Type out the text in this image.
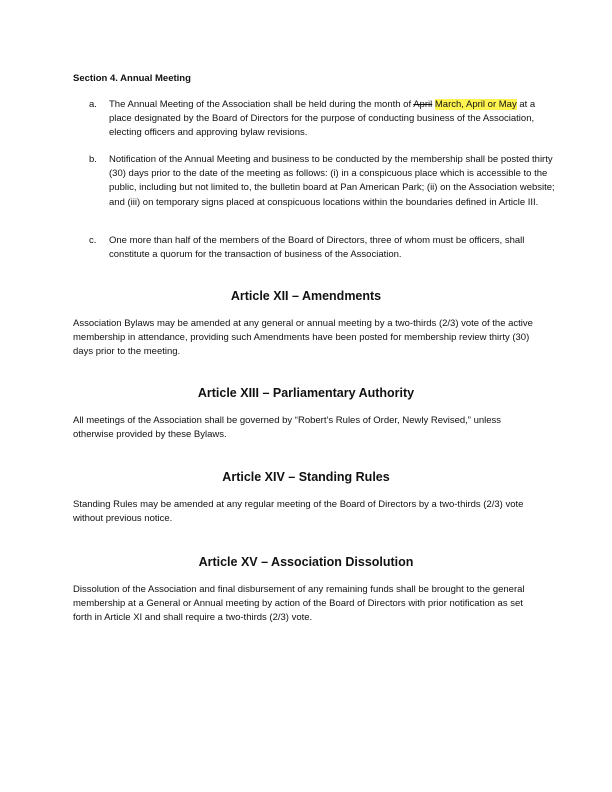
Section 4. Annual Meeting
a.	The Annual Meeting of the Association shall be held during the month of April March, April or May at a place designated by the Board of Directors for the purpose of conducting business of the Association, electing officers and approving bylaw revisions.
b.	Notification of the Annual Meeting and business to be conducted by the membership shall be posted thirty (30) days prior to the date of the meeting as follows: (i) in a conspicuous place which is accessible to the public, including but not limited to, the bulletin board at Pan American Park; (ii) on the Association website; and (iii) on temporary signs placed at conspicuous locations within the boundaries defined in Article III.
c.	One more than half of the members of the Board of Directors, three of whom must be officers, shall constitute a quorum for the transaction of business of the Association.
Article XII – Amendments
Association Bylaws may be amended at any general or annual meeting by a two-thirds (2/3) vote of the active membership in attendance, providing such Amendments have been posted for membership review thirty (30) days prior to the meeting.
Article XIII – Parliamentary Authority
All meetings of the Association shall be governed by “Robert’s Rules of Order, Newly Revised,” unless otherwise provided by these Bylaws.
Article XIV – Standing Rules
Standing Rules may be amended at any regular meeting of the Board of Directors by a two-thirds (2/3) vote without previous notice.
Article XV – Association Dissolution
Dissolution of the Association and final disbursement of any remaining funds shall be brought to the general membership at a General or Annual meeting by action of the Board of Directors with prior notification as set forth in Article XI and shall require a two-thirds (2/3) vote.
